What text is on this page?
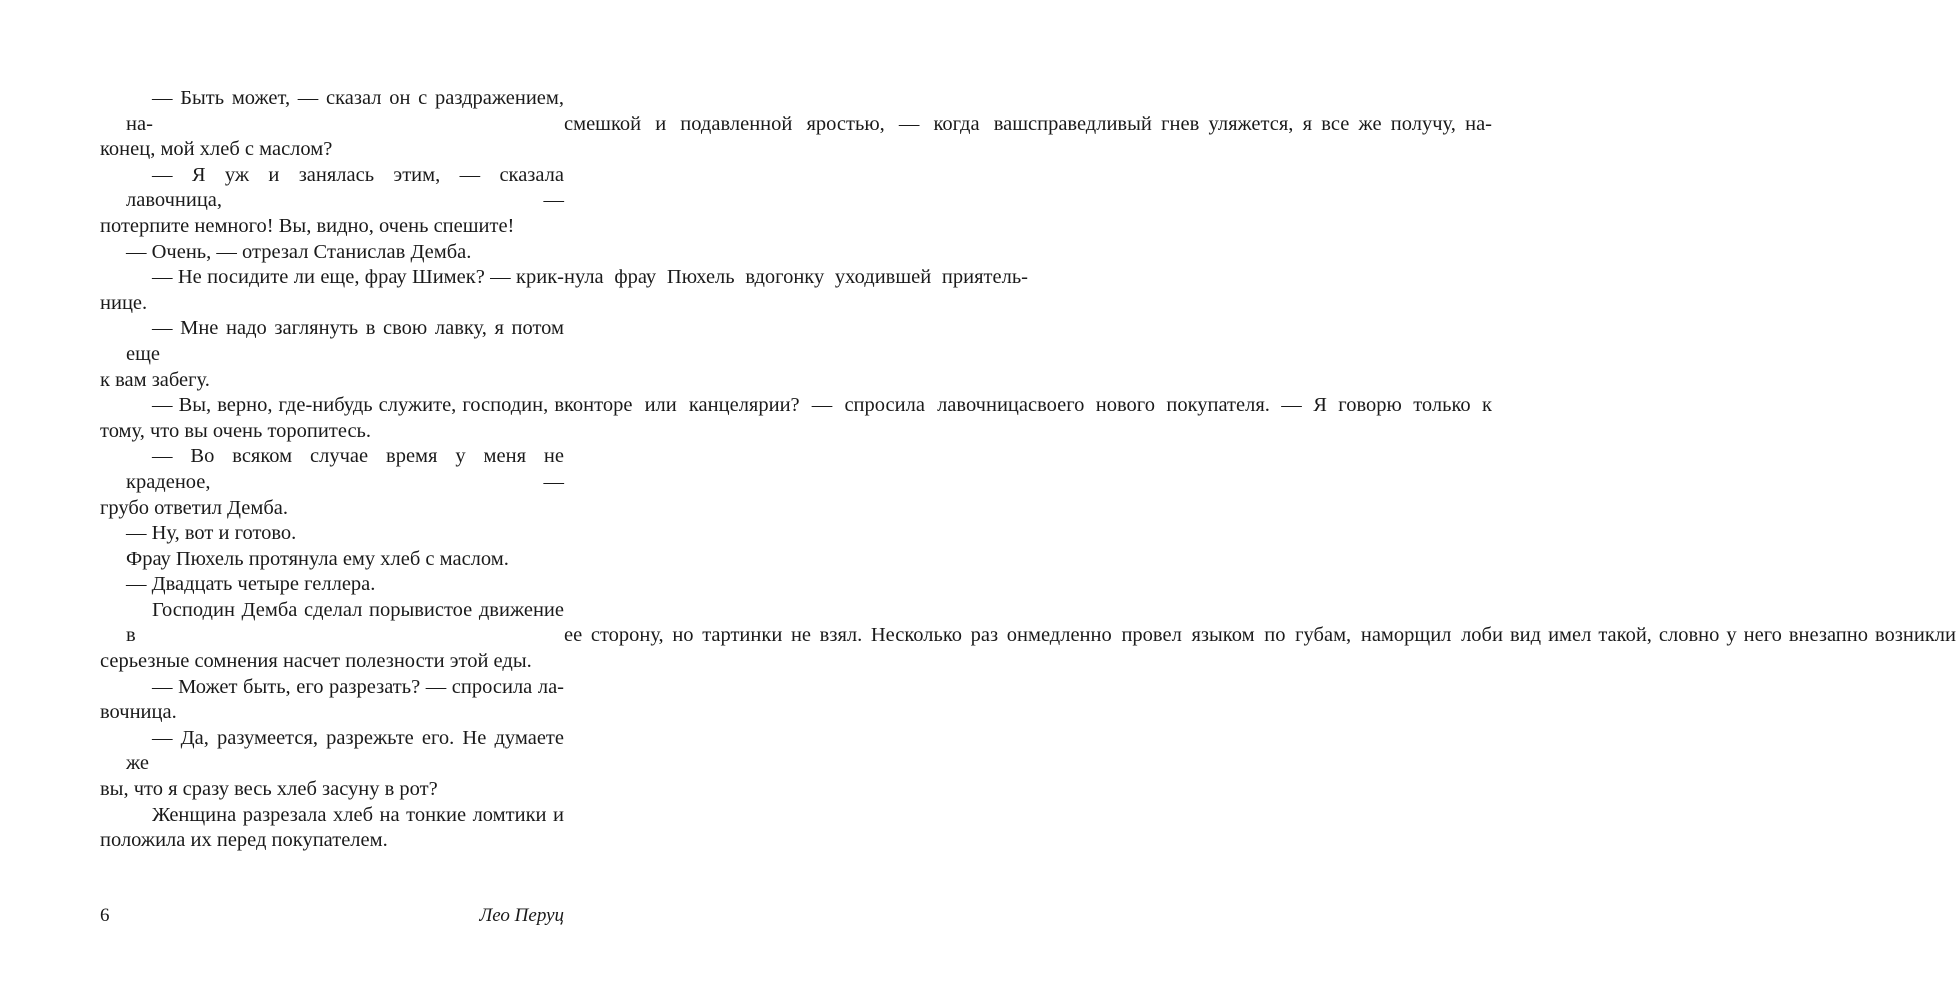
— Быть может, — сказал он с раздражением, на-	смешкой и подавленной яростью, — когда вашсправедливый гнев уляжется, я все же получу, на-
конец, мой хлеб с маслом?

— Я уж и занялась этим, — сказала лавочница, —
потерпите немного! Вы, видно, очень спешите!

— Очень, — отрезал Станислав Демба.

— Не посидите ли еще, фрау Шимек? — крик-нула фрау Пюхель вдогонку уходившей приятель-
нице.

— Мне надо заглянуть в свою лавку, я потом еще
к вам забегу.

— Вы, верно, где-нибудь служите, господин, вконторе или канцелярии? — спросила лавочницасвоего нового покупателя. — Я говорю только к
тому, что вы очень торопитесь.

— Во всяком случае время у меня не краденое, —
грубо ответил Демба.

— Ну, вот и готово.

Фрау Пюхель протянула ему хлеб с маслом.

— Двадцать четыре геллера.

Господин Демба сделал порывистое движение в	ее сторону, но тартинки не взял. Несколько раз онмедленно провел языком по губам, наморщил лоби вид имел такой, словно у него внезапно возникли
серьезные сомнения насчет полезности этой еды.

— Может быть, его разрезать? — спросила ла-
вочница.

— Да, разумеется, разрежьте его. Не думаете же
вы, что я сразу весь хлеб засуну в рот?

Женщина разрезала хлеб на тонкие ломтики и
положила их перед покупателем.

6	Лео Перуц
